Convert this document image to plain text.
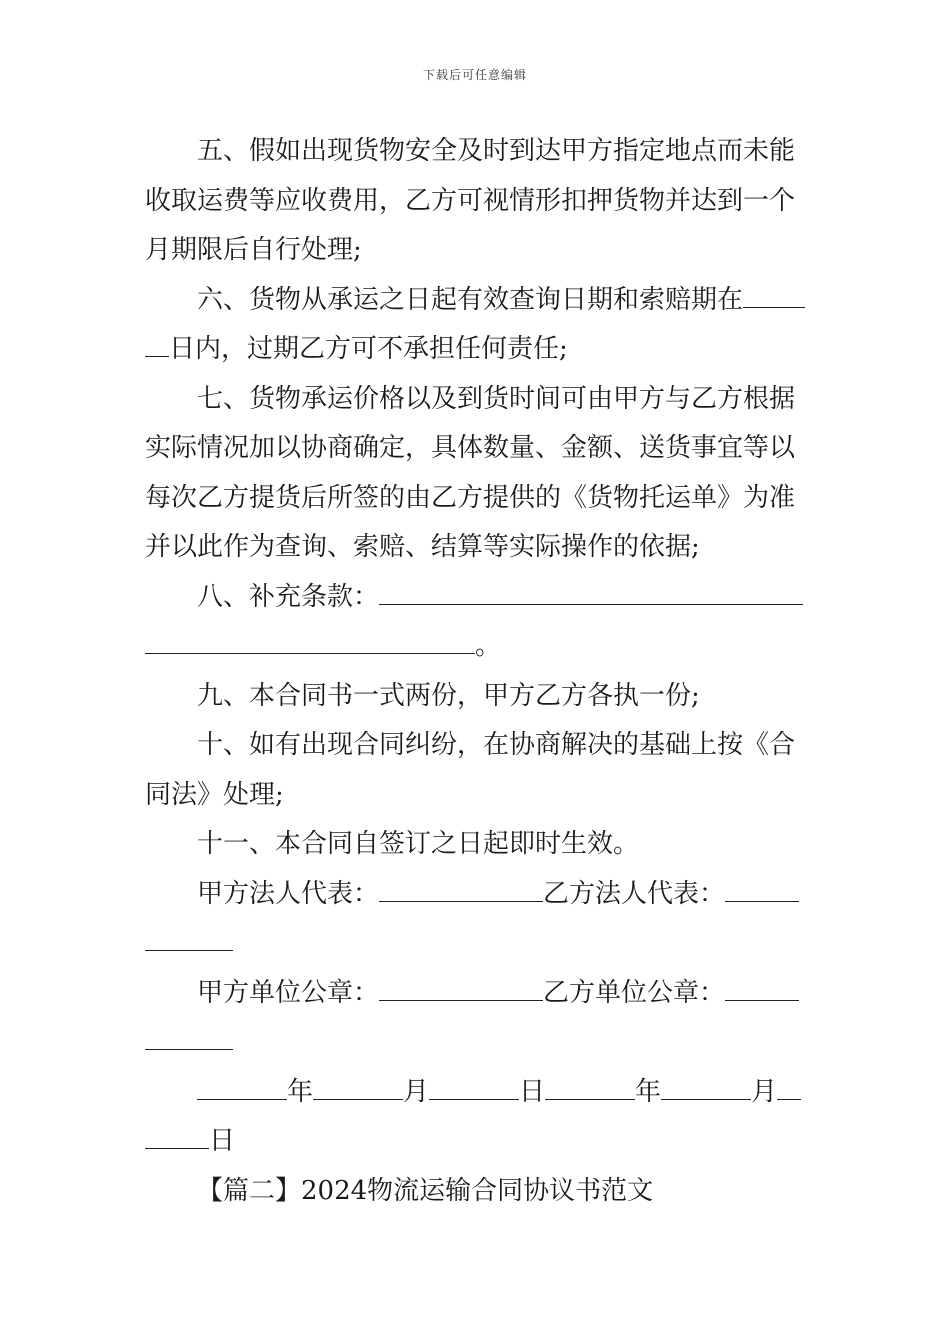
下载后可任意编辑
五、假如出现货物安全及时到达甲方指定地点而未能
收取运费等应收费用，乙方可视情形扣押货物并达到一个
月期限后自行处理;
六、货物从承运之日起有效查询日期和索赔期在
日内，过期乙方可不承担任何责任;
七、货物承运价格以及到货时间可由甲方与乙方根据
实际情况加以协商确定，具体数量、金额、送货事宜等以
每次乙方提货后所签的由乙方提供的《货物托运单》为准
并以此作为查询、索赔、结算等实际操作的依据;
八、补充条款：
。
九、本合同书一式两份，甲方乙方各执一份;
十、如有出现合同纠纷，在协商解决的基础上按《合
同法》处理;
十一、本合同自签订之日起即时生效。
甲方法人代表：	乙方法人代表：
甲方单位公章：	乙方单位公章：
年	月	日	年	月
日
【篇二】2024物流运输合同协议书范文
